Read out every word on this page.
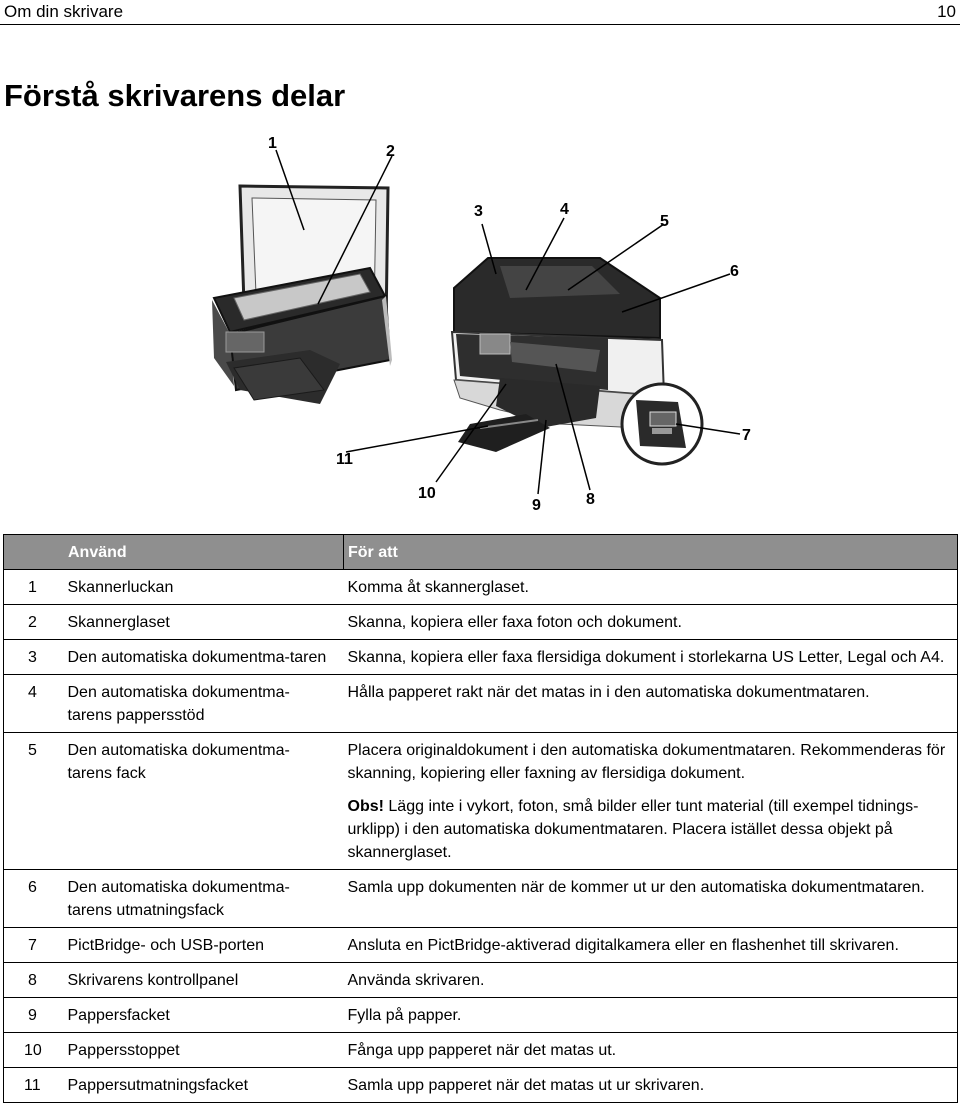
Om din skrivare	10
Förstå skrivarens delar
1	2
3	4
5
6
7
8
9
10
11
Använd		För att
1	Skannerluckan	Komma åt skannerglaset.
2	Skannerglaset	Skanna, kopiera eller faxa foton och dokument.
3	Den automatiska dokumentma-taren	Skanna, kopiera eller faxa flersidiga dokument i storlekarna US Letter, Legal och A4.
4	Den automatiska dokumentma-tarens pappersstöd	Hålla papperet rakt när det matas in i den automatiska dokumentmataren.
5	Den automatiska dokumentma-tarens fack	Placera originaldokument i den automatiska dokumentmataren. Rekommenderas för skanning, kopiering eller faxning av flersidiga dokument.
Obs! Lägg inte i vykort, foton, små bilder eller tunt material (till exempel tidnings-urklipp) i den automatiska dokumentmataren. Placera istället dessa objekt på skannerglaset.

6	Den automatiska dokumentma-tarens utmatningsfack	Samla upp dokumenten när de kommer ut ur den automatiska dokumentmataren.
7	PictBridge- och USB-porten	Ansluta en PictBridge-aktiverad digitalkamera eller en flashenhet till skrivaren.
8	Skrivarens kontrollpanel	Använda skrivaren.
9	Pappersfacket	Fylla på papper.
10	Pappersstoppet	Fånga upp papperet när det matas ut.
11	Pappersutmatningsfacket	Samla upp papperet när det matas ut ur skrivaren.
